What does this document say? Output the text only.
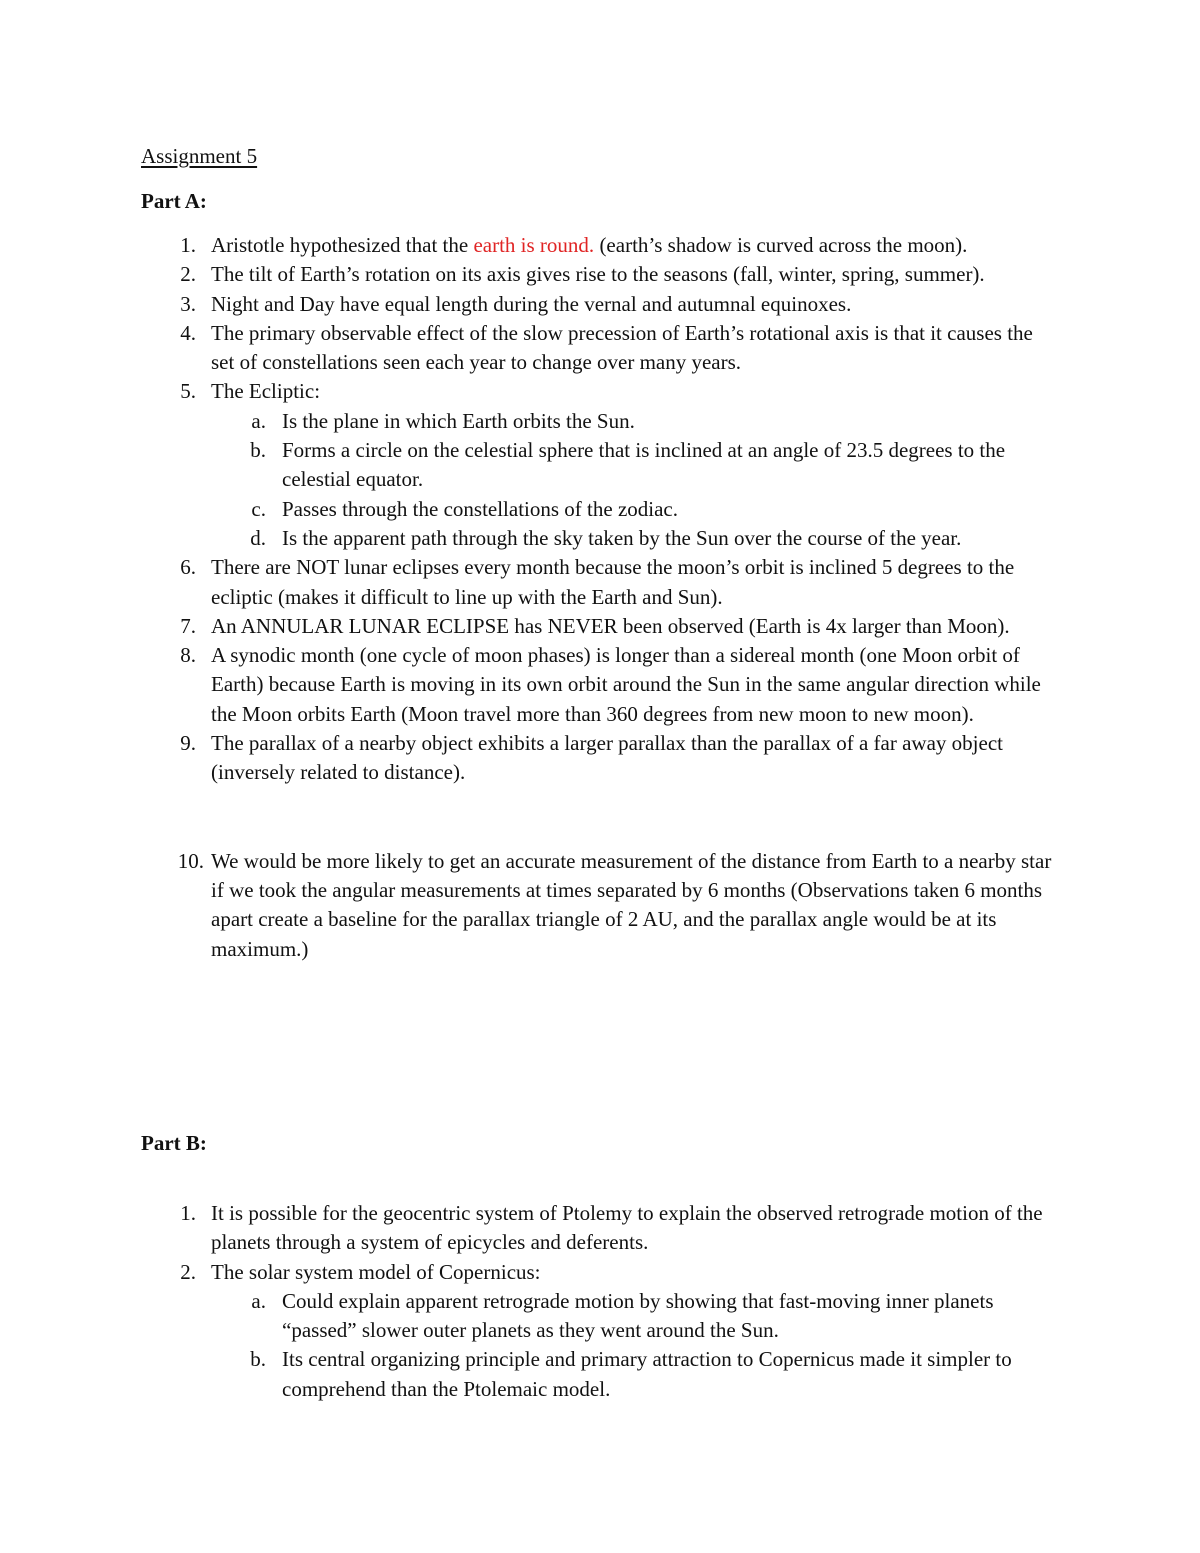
Assignment 5
Part A:
1. Aristotle hypothesized that the earth is round. (earth’s shadow is curved across the moon).
2. The tilt of Earth’s rotation on its axis gives rise to the seasons (fall, winter, spring, summer).
3. Night and Day have equal length during the vernal and autumnal equinoxes.
4. The primary observable effect of the slow precession of Earth’s rotational axis is that it causes the set of constellations seen each year to change over many years.
5. The Ecliptic:
a. Is the plane in which Earth orbits the Sun.
b. Forms a circle on the celestial sphere that is inclined at an angle of 23.5 degrees to the celestial equator.
c. Passes through the constellations of the zodiac.
d. Is the apparent path through the sky taken by the Sun over the course of the year.
6. There are NOT lunar eclipses every month because the moon’s orbit is inclined 5 degrees to the ecliptic (makes it difficult to line up with the Earth and Sun).
7. An ANNULAR LUNAR ECLIPSE has NEVER been observed (Earth is 4x larger than Moon).
8. A synodic month (one cycle of moon phases) is longer than a sidereal month (one Moon orbit of Earth) because Earth is moving in its own orbit around the Sun in the same angular direction while the Moon orbits Earth (Moon travel more than 360 degrees from new moon to new moon).
9. The parallax of a nearby object exhibits a larger parallax than the parallax of a far away object (inversely related to distance).
10. We would be more likely to get an accurate measurement of the distance from Earth to a nearby star if we took the angular measurements at times separated by 6 months (Observations taken 6 months apart create a baseline for the parallax triangle of 2 AU, and the parallax angle would be at its maximum.)
Part B:
1. It is possible for the geocentric system of Ptolemy to explain the observed retrograde motion of the planets through a system of epicycles and deferents.
2. The solar system model of Copernicus:
a. Could explain apparent retrograde motion by showing that fast-moving inner planets “passed” slower outer planets as they went around the Sun.
b. Its central organizing principle and primary attraction to Copernicus made it simpler to comprehend than the Ptolemaic model.
